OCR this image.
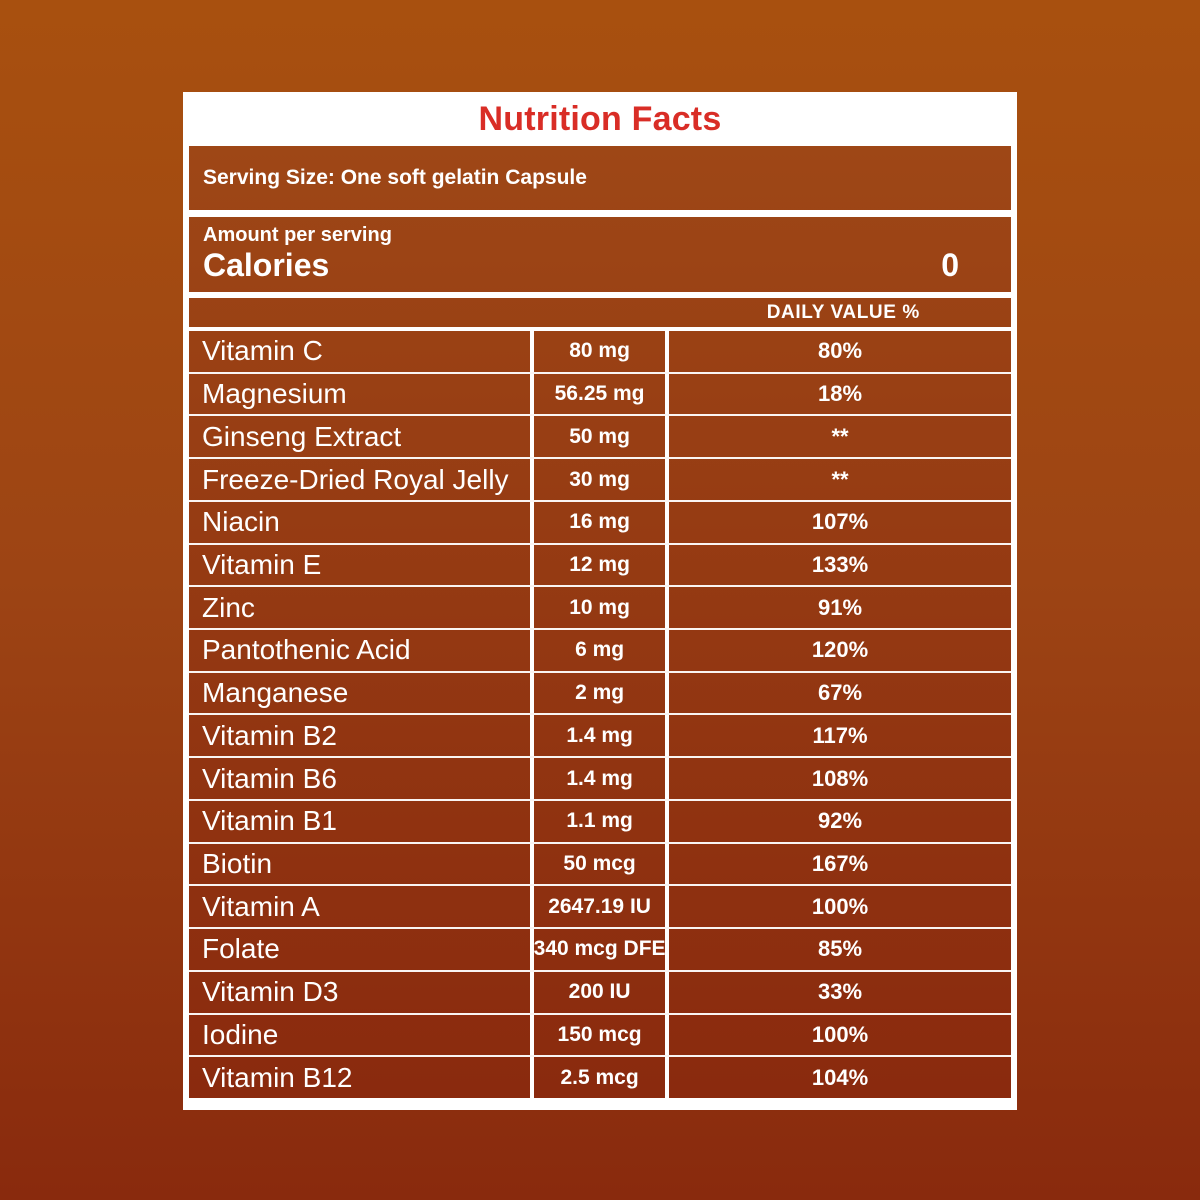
Nutrition Facts
Serving Size: One soft gelatin Capsule
Amount per serving
Calories	0
DAILY VALUE %
Vitamin C	80 mg	80%
Magnesium	56.25 mg	18%
Ginseng Extract	50 mg	**
Freeze-Dried Royal Jelly	30 mg	**
Niacin	16 mg	107%
Vitamin E	12 mg	133%
Zinc	10 mg	91%
Pantothenic Acid	6 mg	120%
Manganese	2 mg	67%
Vitamin B2	1.4 mg	117%
Vitamin B6	1.4 mg	108%
Vitamin B1	1.1 mg	92%
Biotin	50 mcg	167%
Vitamin A	2647.19 IU	100%
Folate	340 mcg DFE	85%
Vitamin D3	200 IU	33%
Iodine	150 mcg	100%
Vitamin B12	2.5 mcg	104%
